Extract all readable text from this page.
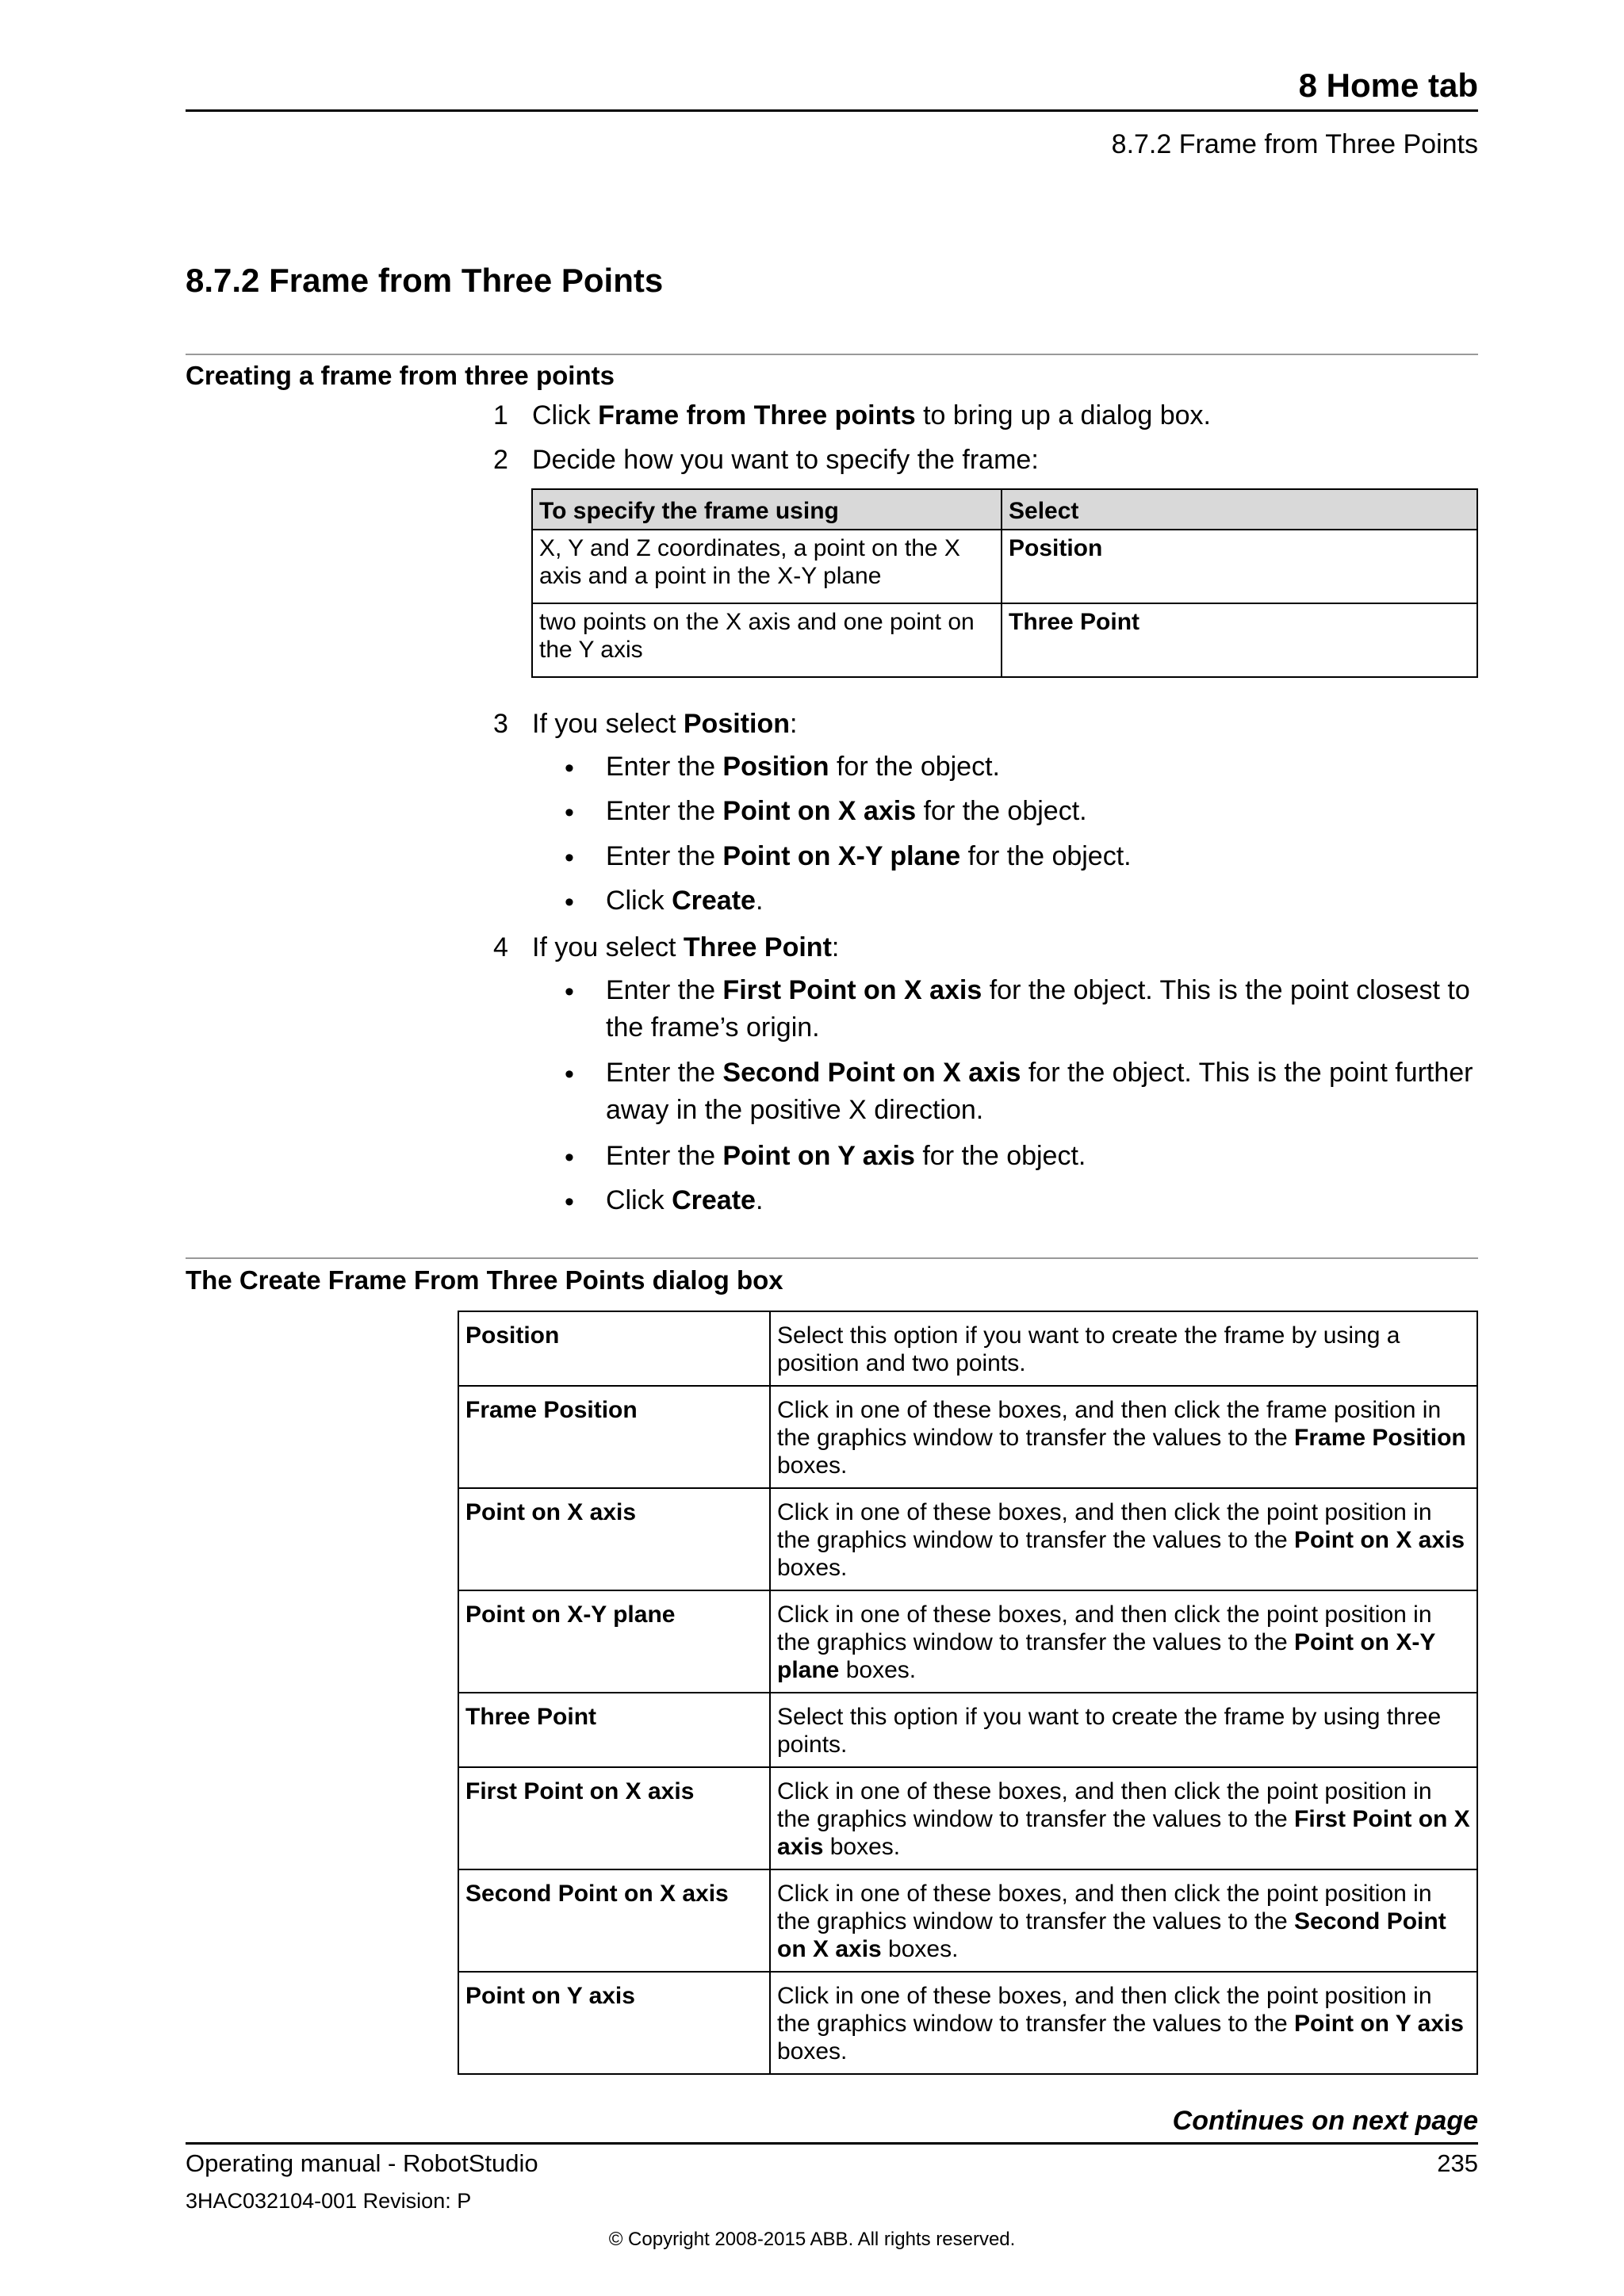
8 Home tab
8.7.2 Frame from Three Points
8.7.2 Frame from Three Points
Creating a frame from three points
1 Click Frame from Three points to bring up a dialog box.
2 Decide how you want to specify the frame:
To specify the frame using	Select
X, Y and Z coordinates, a point on the X axis and a point in the X-Y plane	Position
two points on the X axis and one point on the Y axis	Three Point
3 If you select Position:
• Enter the Position for the object.
• Enter the Point on X axis for the object.
• Enter the Point on X-Y plane for the object.
• Click Create.
4 If you select Three Point:
• Enter the First Point on X axis for the object. This is the point closest to the frame’s origin.
• Enter the Second Point on X axis for the object. This is the point further away in the positive X direction.
• Enter the Point on Y axis for the object.
• Click Create.
The Create Frame From Three Points dialog box
Position	Select this option if you want to create the frame by using a position and two points.
Frame Position	Click in one of these boxes, and then click the frame position in the graphics window to transfer the values to the Frame Position boxes.
Point on X axis	Click in one of these boxes, and then click the point position in the graphics window to transfer the values to the Point on X axis boxes.
Point on X-Y plane	Click in one of these boxes, and then click the point position in the graphics window to transfer the values to the Point on X-Y plane boxes.
Three Point	Select this option if you want to create the frame by using three points.
First Point on X axis	Click in one of these boxes, and then click the point position in the graphics window to transfer the values to the First Point on X axis boxes.
Second Point on X axis	Click in one of these boxes, and then click the point position in the graphics window to transfer the values to the Second Point on X axis boxes.
Point on Y axis	Click in one of these boxes, and then click the point position in the graphics window to transfer the values to the Point on Y axis boxes.
Continues on next page
Operating manual - RobotStudio	235
3HAC032104-001 Revision: P
© Copyright 2008-2015 ABB. All rights reserved.
